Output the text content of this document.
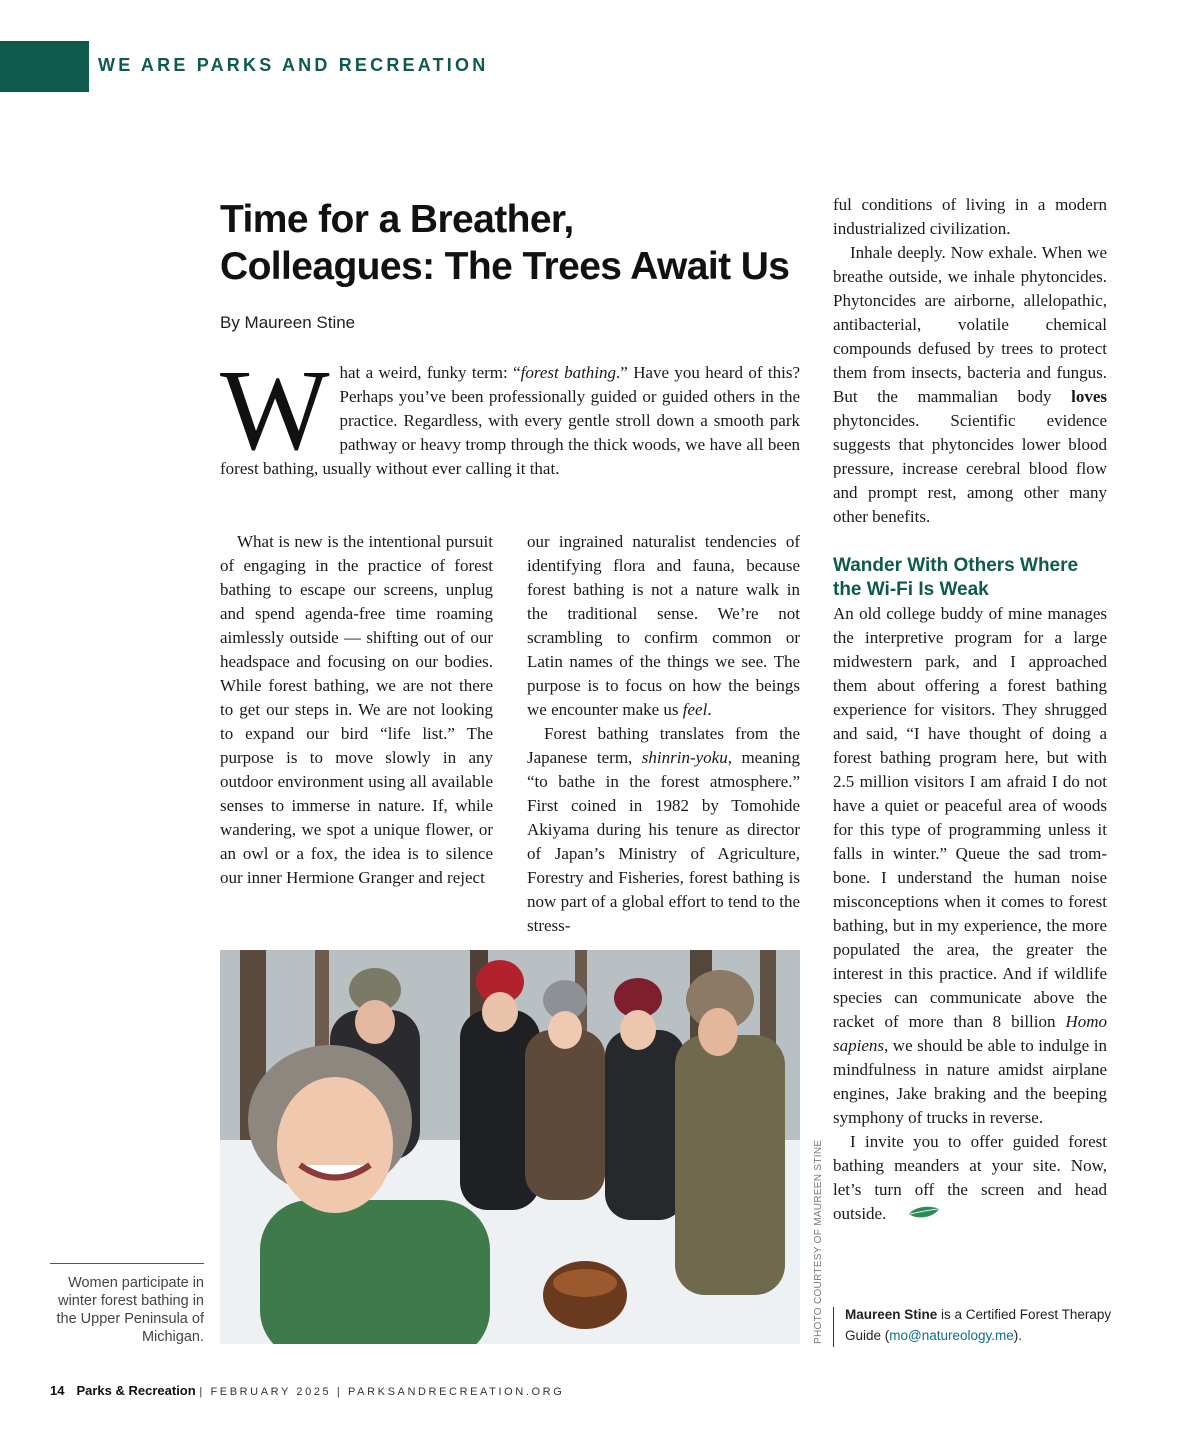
WE ARE PARKS AND RECREATION
Time for a Breather,
Colleagues: The Trees Await Us
By Maureen Stine

What a weird, funky term: “forest bathing.” Have you heard of this? Perhaps you’ve been professionally guided or guided others in the practice. Regardless, with every gentle stroll down a smooth park pathway or heavy tromp through the thick woods, we have all been forest bathing, usually without ever calling it that.

What is new is the intentional pursuit of engaging in the practice of forest bathing to escape our screens, unplug and spend agenda-free time roaming aimlessly outside — shifting out of our headspace and focusing on our bodies. While forest bathing, we are not there to get our steps in. We are not looking to expand our bird “life list.” The purpose is to move slowly in any outdoor environment using all available senses to immerse in nature. If, while wandering, we spot a unique flower, or an owl or a fox, the idea is to silence our inner Hermione Granger and reject

our ingrained naturalist tendencies of identifying flora and fauna, because forest bathing is not a nature walk in the traditional sense. We’re not scrambling to confirm common or Latin names of the things we see. The purpose is to focus on how the beings we encounter make us feel.

Forest bathing translates from the Japanese term, shinrin-yoku, meaning “to bathe in the forest atmosphere.” First coined in 1982 by Tomohide Akiyama during his tenure as director of Japan’s Ministry of Agriculture, Forestry and Fisheries, forest bathing is now part of a global effort to tend to the stress-

ful conditions of living in a modern industrialized civilization.

Inhale deeply. Now exhale. When we breathe outside, we inhale phytoncides. Phytoncides are airborne, allelopathic, antibacterial, volatile chemical compounds defused by trees to protect them from insects, bacteria and fungus. But the mammalian body loves phytoncides. Scientific evidence suggests that phytoncides lower blood pressure, increase cerebral blood flow and prompt rest, among other many other benefits.

Wander With Others Where the Wi-Fi Is Weak

An old college buddy of mine manages the interpretive program for a large midwestern park, and I approached them about offering a forest bathing experience for visitors. They shrugged and said, “I have thought of doing a forest bathing program here, but with 2.5 million visitors I am afraid I do not have a quiet or peaceful area of woods for this type of programming unless it falls in winter.” Queue the sad trombone. I understand the human noise misconceptions when it comes to forest bathing, but in my experience, the more populated the area, the greater the interest in this practice. And if wildlife species can communicate above the racket of more than 8 billion Homo sapiens, we should be able to indulge in mindfulness in nature amidst airplane engines, Jake braking and the beeping symphony of trucks in reverse.

I invite you to offer guided forest bathing meanders at your site. Now, let’s turn off the screen and head outside.

PHOTO COURTESY OF MAUREEN STINE
Women participate in winter forest bathing in the Upper Peninsula of Michigan.
Maureen Stine is a Certified Forest Therapy Guide (mo@natureology.me).
14 Parks & Recreation | FEBRUARY 2025 | PARKSANDRECREATION.ORG
